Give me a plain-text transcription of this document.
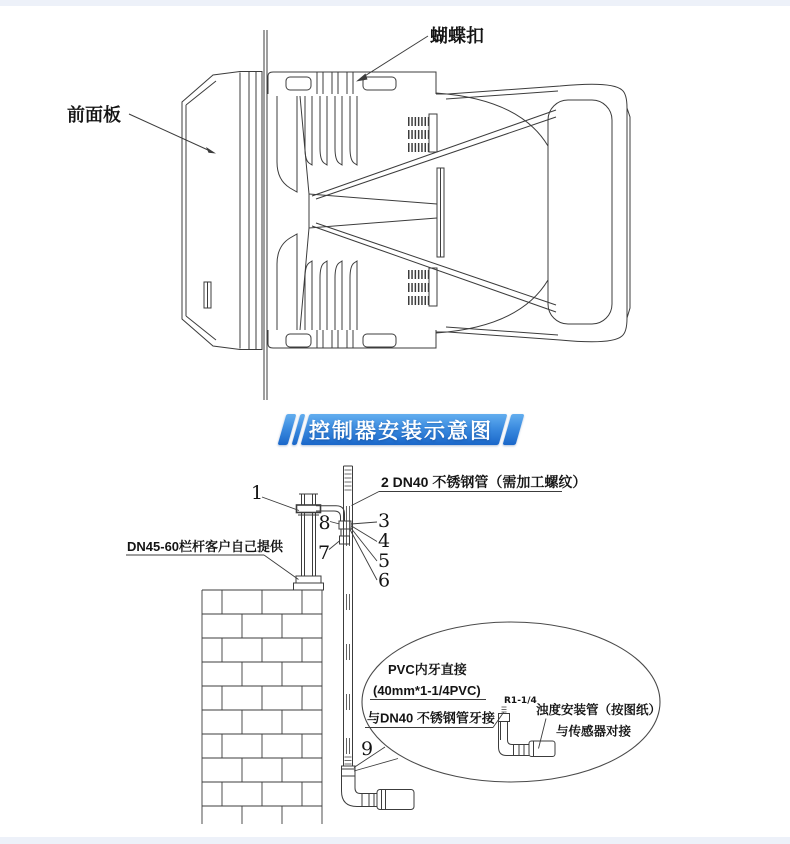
蝴蝶扣
前面板
1	2 DN40 不锈钢管（需加工螺纹）
3
4
5
6
8
7
9
DN45-60栏杆客户自己提供
PVC内牙直接
(40mm*1-1/4PVC)
与DN40 不锈钢管牙接
R1-1/4
浊度安装管（按图纸）
与传感器对接
控制器安装示意图
